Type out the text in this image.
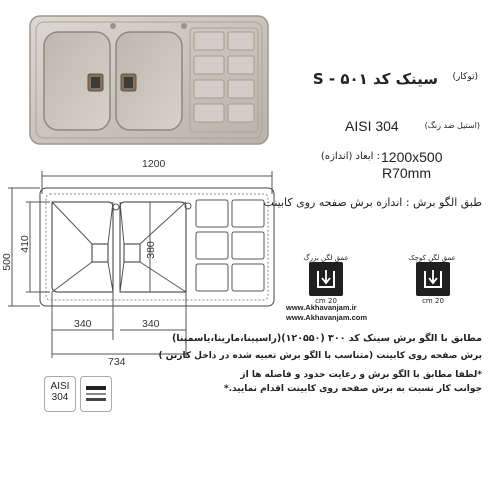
سینک کد S - ۵۰۱ (توکار)
AISI 304	(استیل ضد زنگ)
1200x500
: ابعاد (اندازه)
R70mm
طبق الگو برش : اندازه برش صفحه روی کابینت
1200
500
410	380
340	340
734
عمق لگن بزرگ
20 cm
عمق لگن کوچک
20 cm
www.Akhavanjam.ir
www.Akhavanjam.com
مطابق با الگو برش سینک کد ۳۰۰ (۱۲۰۵۵۰)(راسپینا،مارینا،یاسمینا)
برش صفحه روی کابینت (متناسب با الگو برش تعبیه شده در داخل کارتن )
*لطفا مطابق با الگو برش و رعایت حدود و فاصله ها از
جوانب کار نسبت به برش صفحه روی کابینت اقدام نمایید.*
AISI
304
